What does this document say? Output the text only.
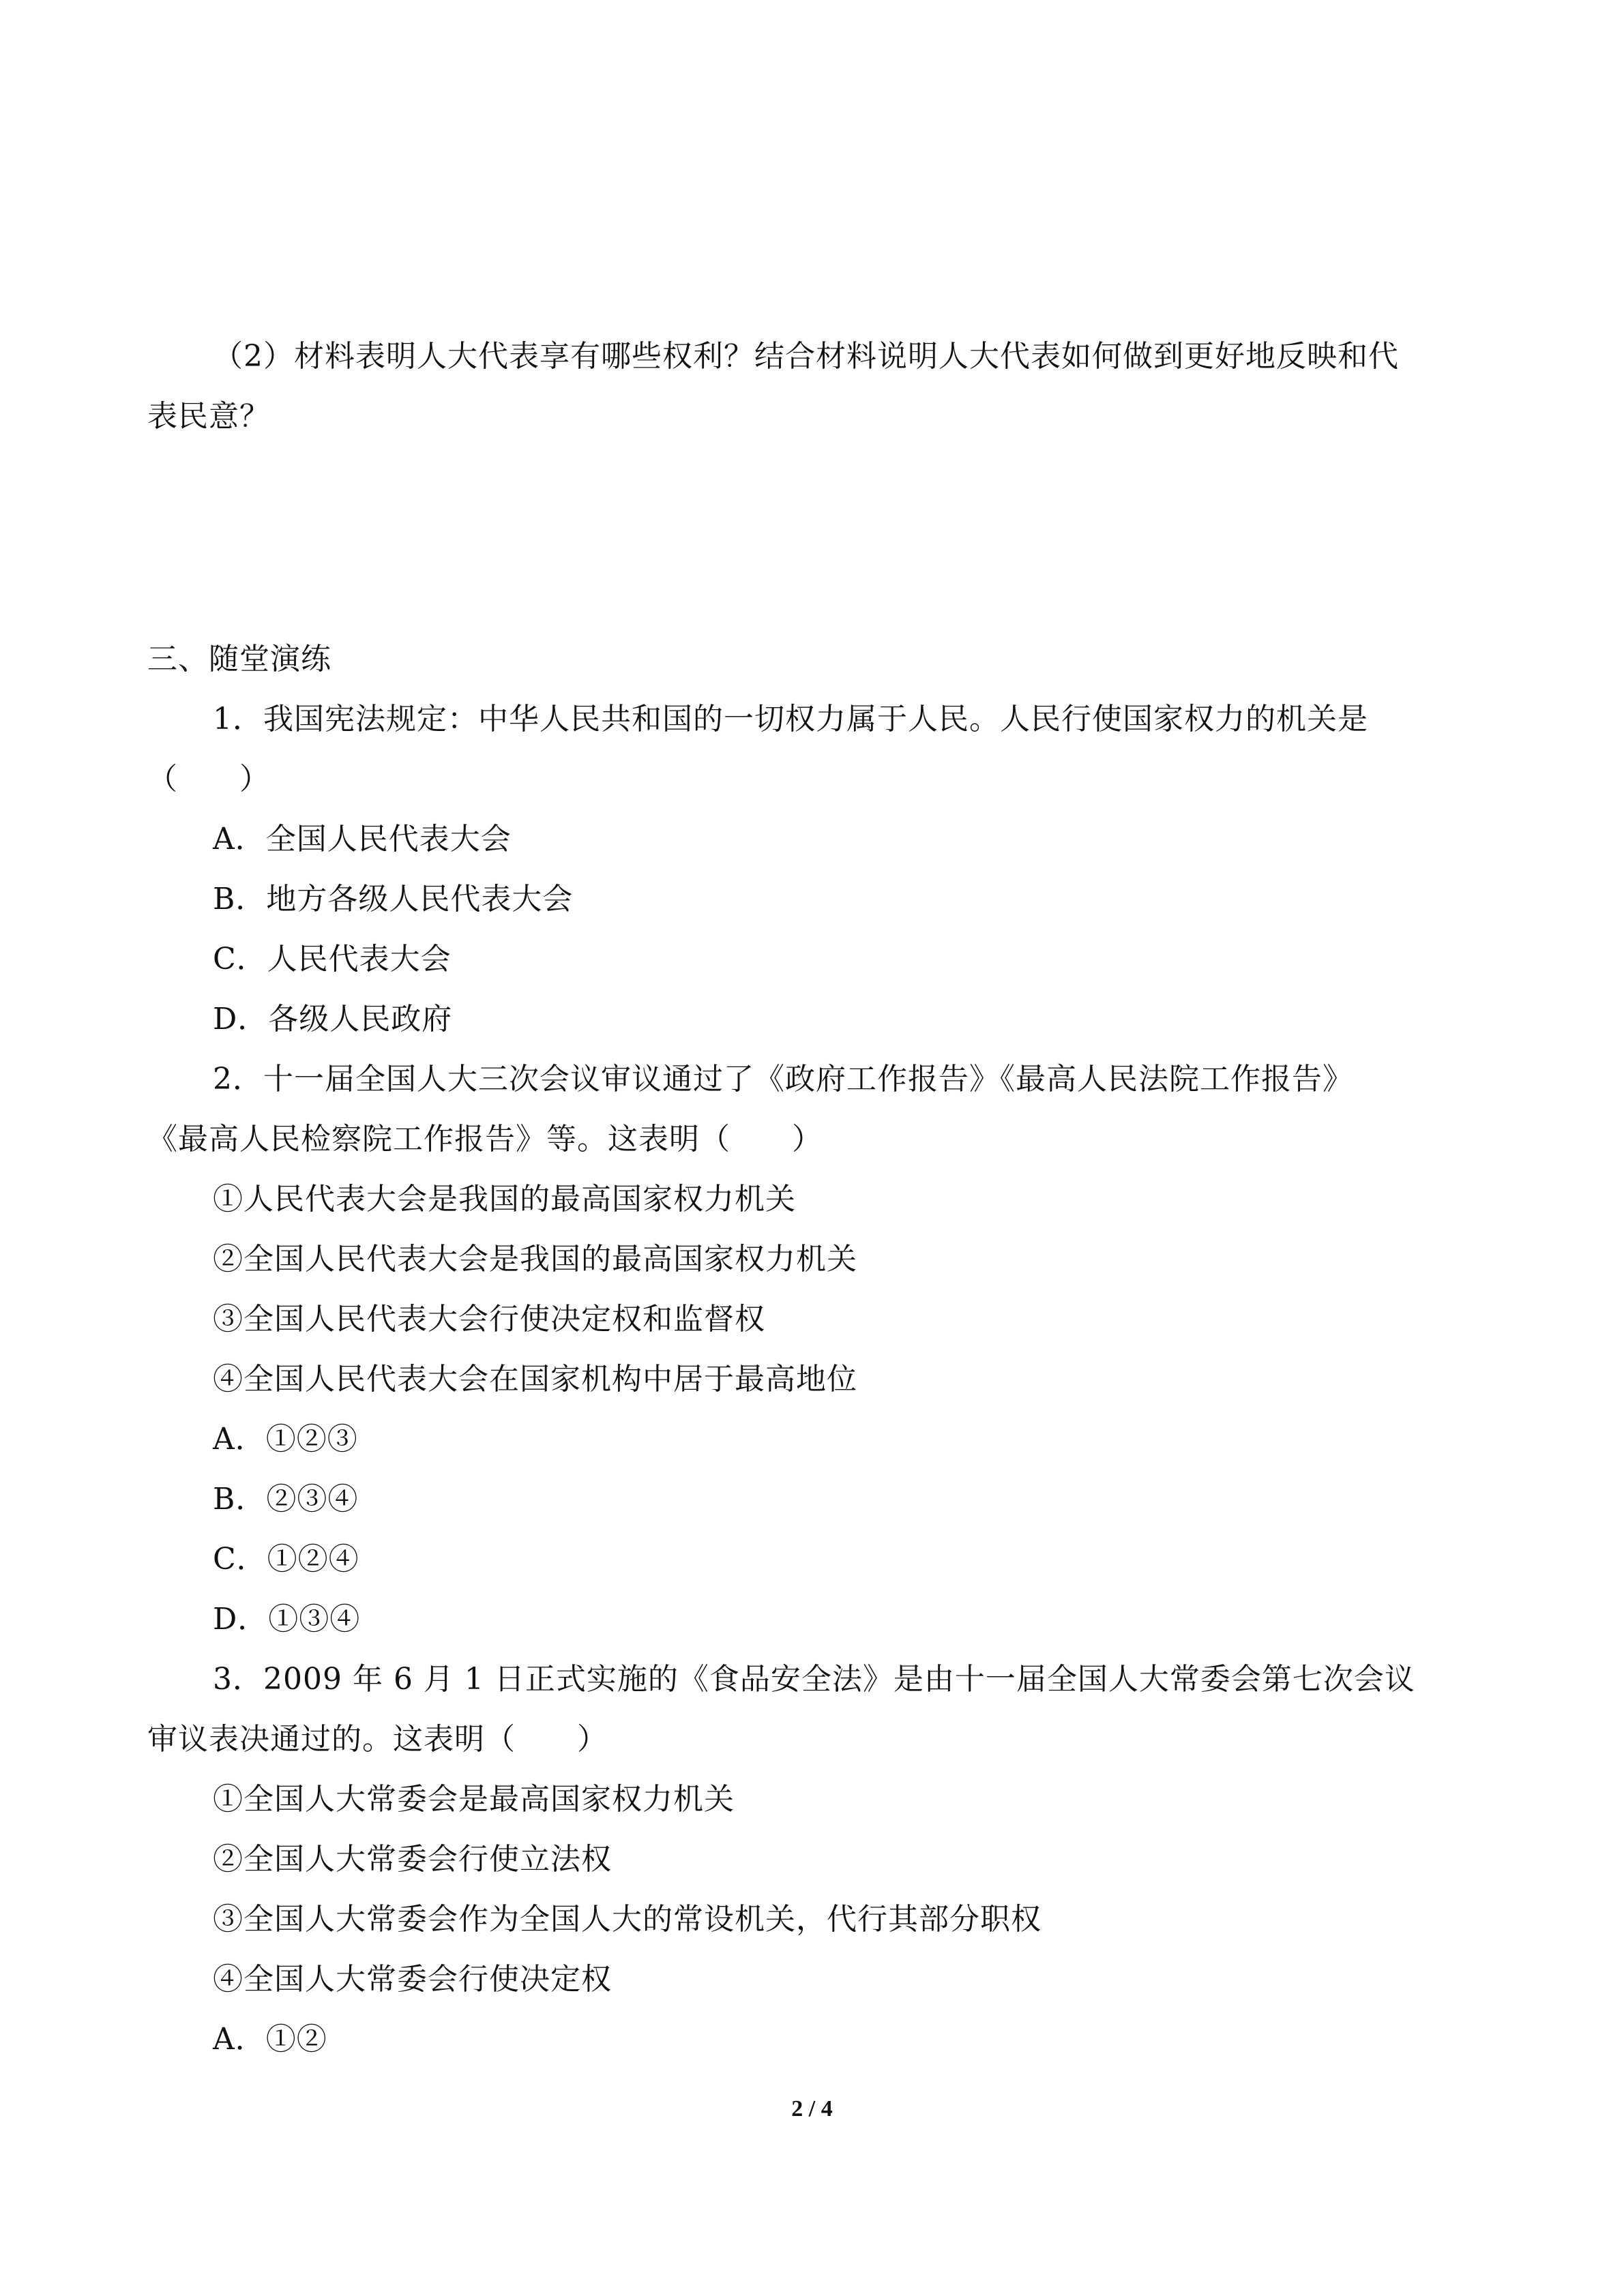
（2）材料表明人大代表享有哪些权利？结合材料说明人大代表如何做到更好地反映和代
表民意？
三、随堂演练
1．我国宪法规定：中华人民共和国的一切权力属于人民。人民行使国家权力的机关是
（　　）
A．全国人民代表大会
B．地方各级人民代表大会
C．人民代表大会
D．各级人民政府
2．十一届全国人大三次会议审议通过了《政府工作报告》《最高人民法院工作报告》
《最高人民检察院工作报告》等。这表明（　　）
①人民代表大会是我国的最高国家权力机关
②全国人民代表大会是我国的最高国家权力机关
③全国人民代表大会行使决定权和监督权
④全国人民代表大会在国家机构中居于最高地位
A．①②③
B．②③④
C．①②④
D．①③④
3．2009 年 6 月 1 日正式实施的《食品安全法》是由十一届全国人大常委会第七次会议
审议表决通过的。这表明（　　）
①全国人大常委会是最高国家权力机关
②全国人大常委会行使立法权
③全国人大常委会作为全国人大的常设机关，代行其部分职权
④全国人大常委会行使决定权
A．①②
2 / 4
